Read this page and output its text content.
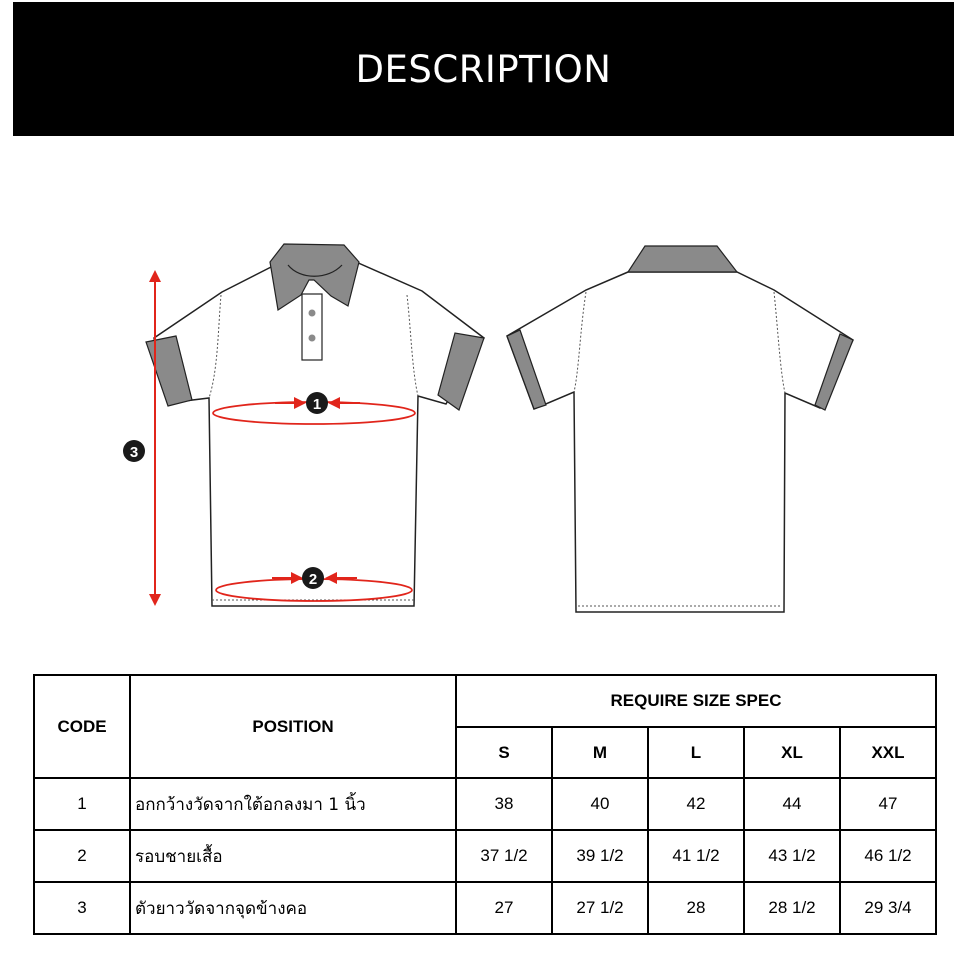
DESCRIPTION
1
2
3
CODE	POSITION	REQUIRE SIZE SPEC				
		S	M	L	XL	XXL
1	อกกว้างวัดจากใต้อกลงมา 1 นิ้ว	38	40	42	44	47
2	รอบชายเสื้อ	37 1/2	39 1/2	41 1/2	43 1/2	46 1/2
3	ตัวยาววัดจากจุดข้างคอ	27	27 1/2	28	28 1/2	29 3/4
